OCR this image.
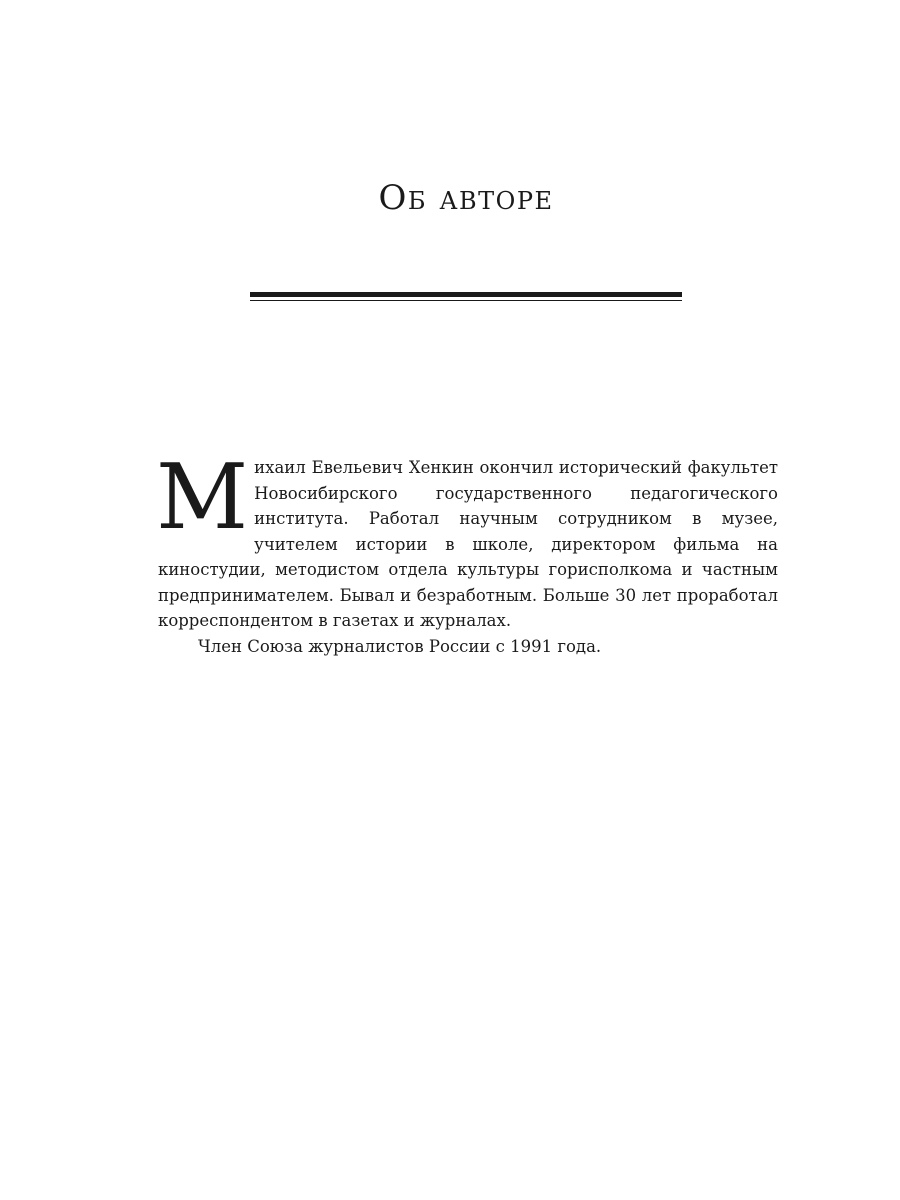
Об авторе

Михаил Евельевич Хенкин окончил исторический факультет Новосибирского государственного педагогического института. Работал научным сотрудником в музее, учителем истории в школе, директором фильма на киностудии, методистом отдела культуры горисполкома и частным предпринимателем. Бывал и безработным. Больше 30 лет проработал корреспондентом в газетах и журналах.

Член Союза журналистов России с 1991 года.
